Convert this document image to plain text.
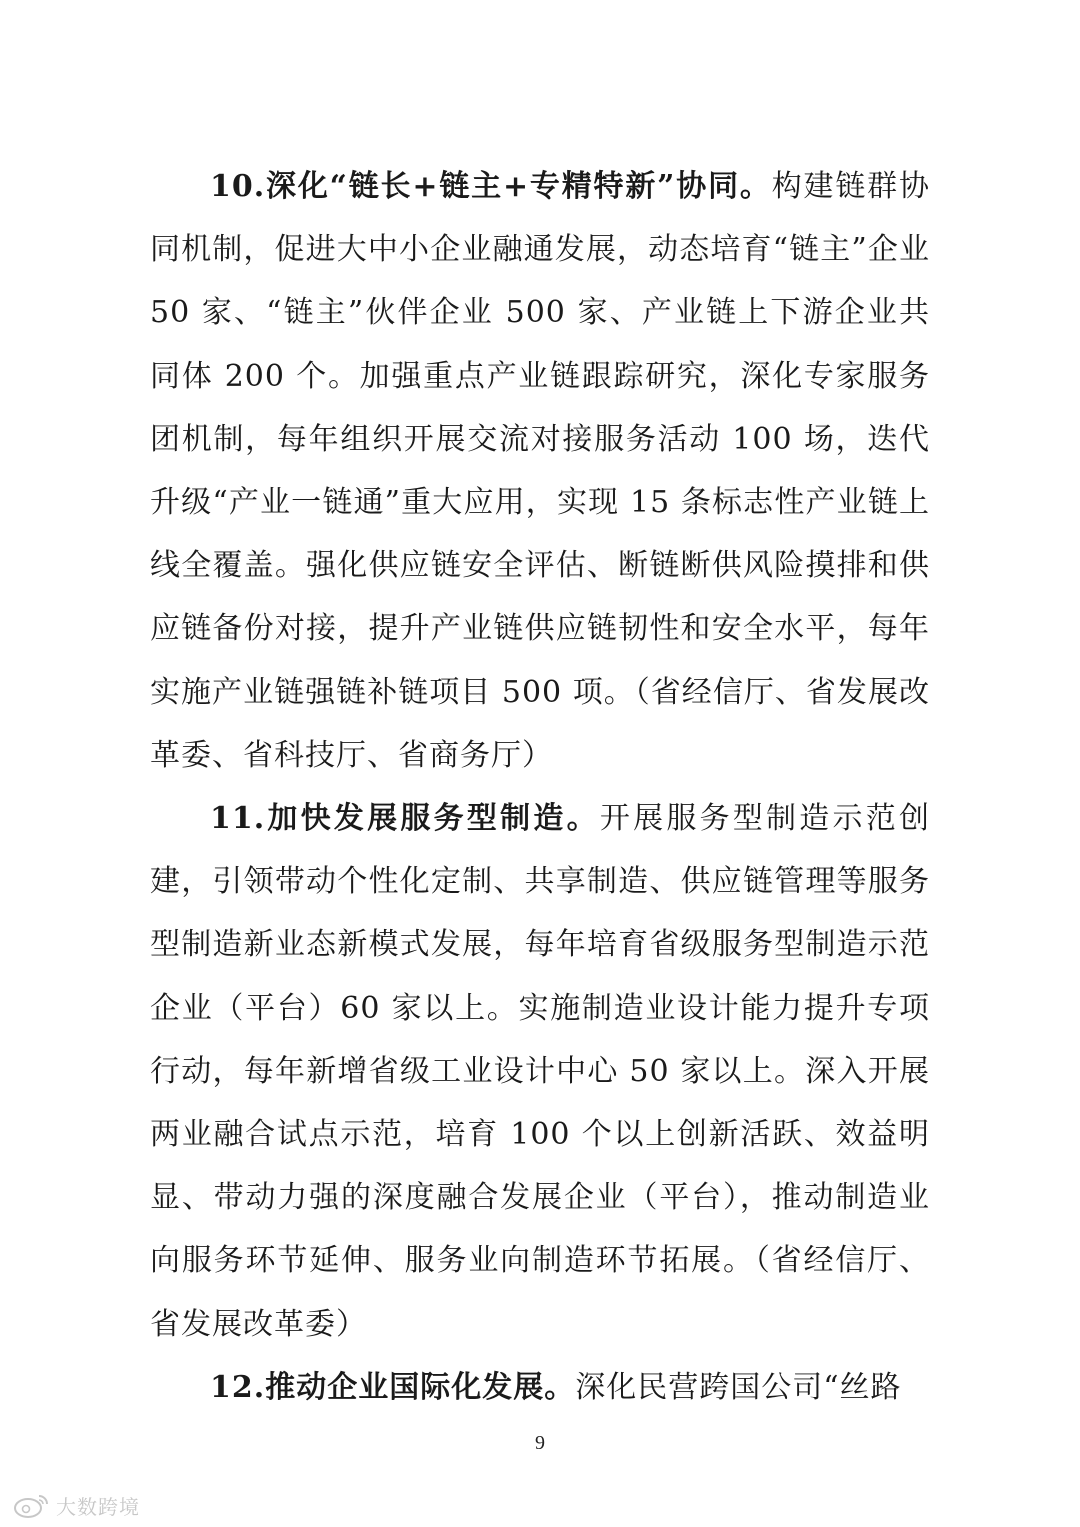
10.深化“链长+链主+专精特新”协同。构建链群协同机制，促进大中小企业融通发展，动态培育“链主”企业 50 家、“链主”伙伴企业 500 家、产业链上下游企业共同体 200 个。加强重点产业链跟踪研究，深化专家服务团机制，每年组织开展交流对接服务活动 100 场，迭代升级“产业一链通”重大应用，实现 15 条标志性产业链上线全覆盖。强化供应链安全评估、断链断供风险摸排和供应链备份对接，提升产业链供应链韧性和安全水平，每年实施产业链强链补链项目 500 项。（省经信厅、省发展改革委、省科技厅、省商务厅）

11.加快发展服务型制造。开展服务型制造示范创建，引领带动个性化定制、共享制造、供应链管理等服务型制造新业态新模式发展，每年培育省级服务型制造示范企业（平台）60 家以上。实施制造业设计能力提升专项行动，每年新增省级工业设计中心 50 家以上。深入开展两业融合试点示范，培育 100 个以上创新活跃、效益明显、带动力强的深度融合发展企业（平台），推动制造业向服务环节延伸、服务业向制造环节拓展。（省经信厅、省发展改革委）

12.推动企业国际化发展。深化民营跨国公司“丝路

9
大数跨境
